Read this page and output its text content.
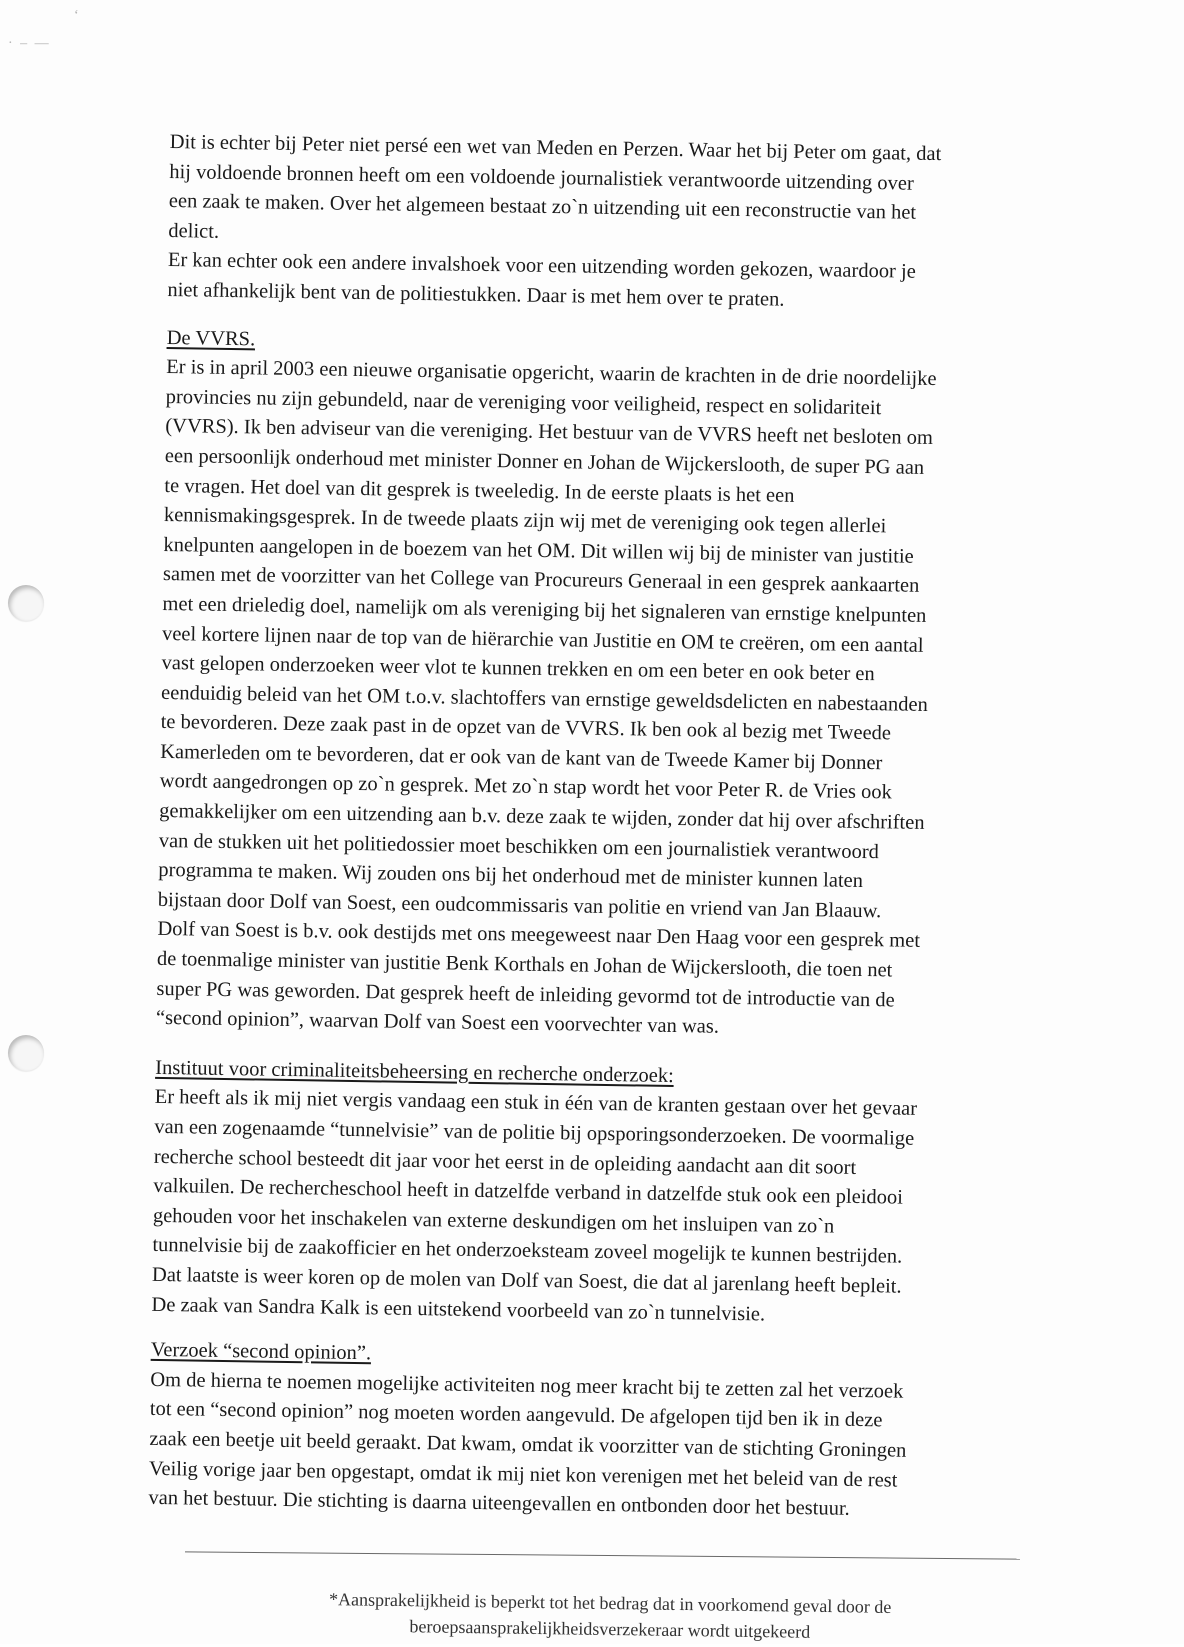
‘
· – —
Dit is echter bij Peter niet persé een wet van Meden en Perzen. Waar het bij Peter om gaat, dat
hij voldoende bronnen heeft om een voldoende journalistiek verantwoorde uitzending over
een zaak te maken. Over het algemeen bestaat zo`n uitzending uit een reconstructie van het
delict.
Er kan echter ook een andere invalshoek voor een uitzending worden gekozen, waardoor je
niet afhankelijk bent van de politiestukken. Daar is met hem over te praten.
De VVRS.
Er is in april 2003 een nieuwe organisatie opgericht, waarin de krachten in de drie noordelijke
provincies nu zijn gebundeld, naar de vereniging voor veiligheid, respect en solidariteit
(VVRS). Ik ben adviseur van die vereniging. Het bestuur van de VVRS heeft net besloten om
een persoonlijk onderhoud met minister Donner en Johan de Wijckerslooth, de super PG aan
te vragen. Het doel van dit gesprek is tweeledig. In de eerste plaats is het een
kennismakingsgesprek. In de tweede plaats zijn wij met de vereniging ook tegen allerlei
knelpunten aangelopen in de boezem van het OM. Dit willen wij bij de minister van justitie
samen met de voorzitter van het College van Procureurs Generaal in een gesprek aankaarten
met een drieledig doel, namelijk om als vereniging bij het signaleren van ernstige knelpunten
veel kortere lijnen naar de top van de hiërarchie van Justitie en OM te creëren, om een aantal
vast gelopen onderzoeken weer vlot te kunnen trekken en om een beter en ook beter en
eenduidig beleid van het OM t.o.v. slachtoffers van ernstige geweldsdelicten en nabestaanden
te bevorderen. Deze zaak past in de opzet van de VVRS. Ik ben ook al bezig met Tweede
Kamerleden om te bevorderen, dat er ook van de kant van de Tweede Kamer bij Donner
wordt aangedrongen op zo`n gesprek. Met zo`n stap wordt het voor Peter R. de Vries ook
gemakkelijker om een uitzending aan b.v. deze zaak te wijden, zonder dat hij over afschriften
van de stukken uit het politiedossier moet beschikken om een journalistiek verantwoord
programma te maken. Wij zouden ons bij het onderhoud met de minister kunnen laten
bijstaan door Dolf van Soest, een oudcommissaris van politie en vriend van Jan Blaauw.
Dolf van Soest is b.v. ook destijds met ons meegeweest naar Den Haag voor een gesprek met
de toenmalige minister van justitie Benk Korthals en Johan de Wijckerslooth, die toen net
super PG was geworden. Dat gesprek heeft de inleiding gevormd tot de introductie van de
“second opinion”, waarvan Dolf van Soest een voorvechter van was.
Instituut voor criminaliteitsbeheersing en recherche onderzoek:
Er heeft als ik mij niet vergis vandaag een stuk in één van de kranten gestaan over het gevaar
van een zogenaamde “tunnelvisie” van de politie bij opsporingsonderzoeken. De voormalige
recherche school besteedt dit jaar voor het eerst in de opleiding aandacht aan dit soort
valkuilen. De rechercheschool heeft in datzelfde verband in datzelfde stuk ook een pleidooi
gehouden voor het inschakelen van externe deskundigen om het insluipen van zo`n
tunnelvisie bij de zaakofficier en het onderzoeksteam zoveel mogelijk te kunnen bestrijden.
Dat laatste is weer koren op de molen van Dolf van Soest, die dat al jarenlang heeft bepleit.
De zaak van Sandra Kalk is een uitstekend voorbeeld van zo`n tunnelvisie.
Verzoek “second opinion”.
Om de hierna te noemen mogelijke activiteiten nog meer kracht bij te zetten zal het verzoek
tot een “second opinion” nog moeten worden aangevuld. De afgelopen tijd ben ik in deze
zaak een beetje uit beeld geraakt. Dat kwam, omdat ik voorzitter van de stichting Groningen
Veilig vorige jaar ben opgestapt, omdat ik mij niet kon verenigen met het beleid van de rest
van het bestuur. Die stichting is daarna uiteengevallen en ontbonden door het bestuur.
*Aansprakelijkheid is beperkt tot het bedrag dat in voorkomend geval door de
beroepsaansprakelijkheidsverzekeraar wordt uitgekeerd
